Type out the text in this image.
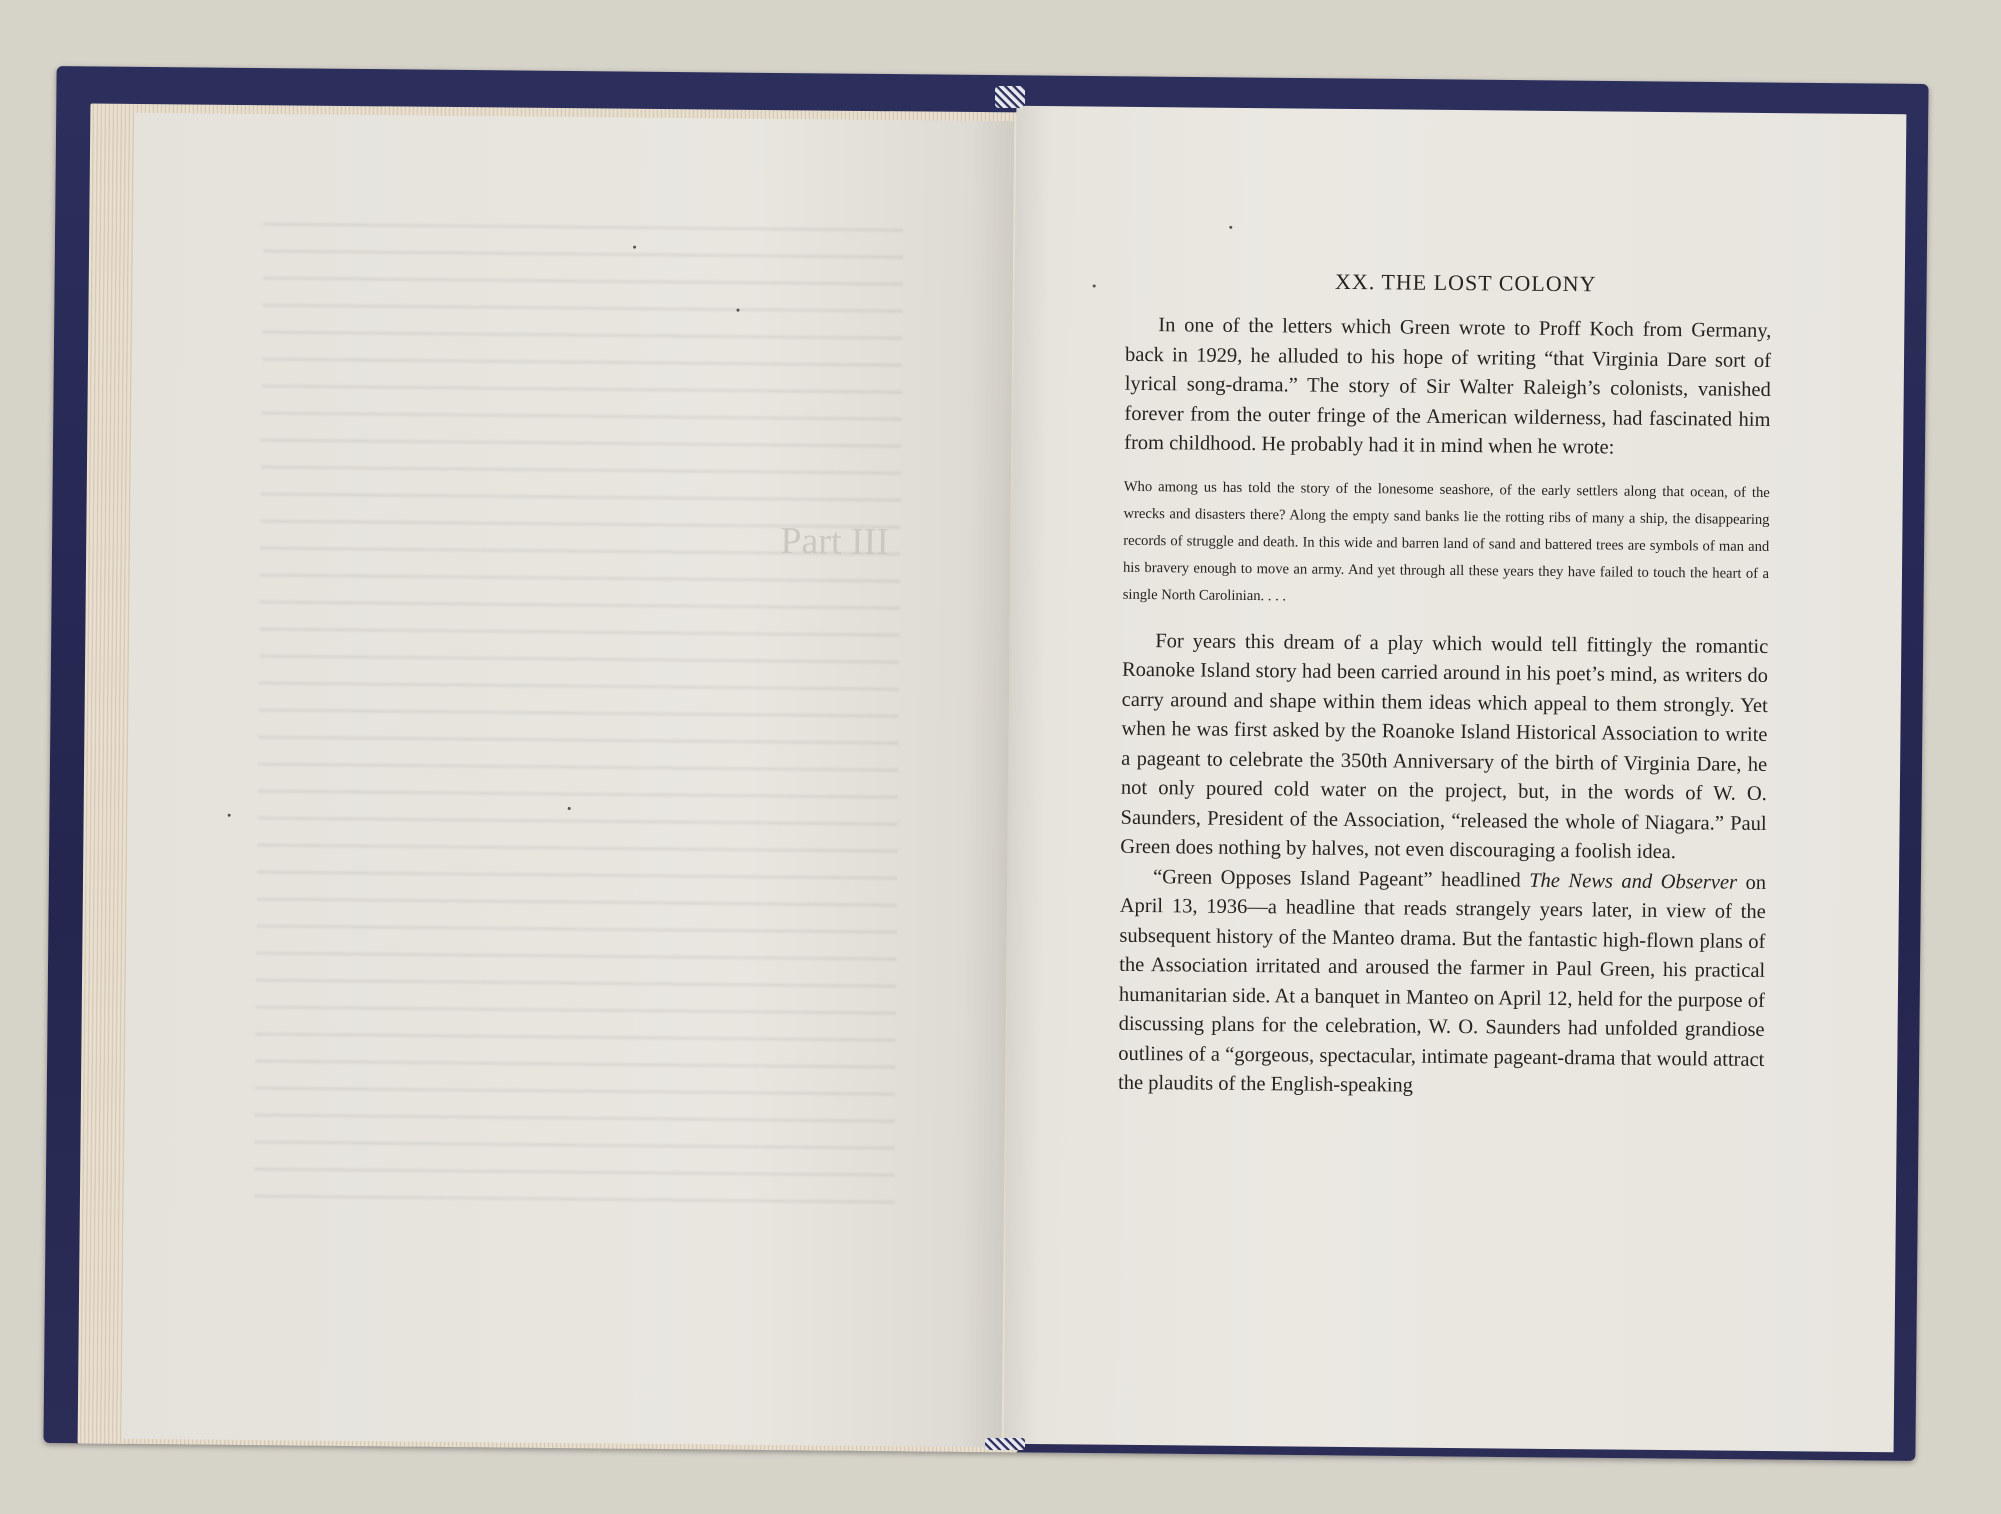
Part III
XX. THE LOST COLONY

In one of the letters which Green wrote to Proff Koch from Germany, back in 1929, he alluded to his hope of writing “that Virginia Dare sort of lyrical song-drama.” The story of Sir Walter Raleigh’s colonists, vanished forever from the outer fringe of the American wilderness, had fascinated him from childhood. He probably had it in mind when he wrote:

Who among us has told the story of the lonesome seashore, of the early settlers along that ocean, of the wrecks and disasters there? Along the empty sand banks lie the rotting ribs of many a ship, the disappearing records of struggle and death. In this wide and barren land of sand and battered trees are symbols of man and his bravery enough to move an army. And yet through all these years they have failed to touch the heart of a single North Carolinian. . . .

For years this dream of a play which would tell fittingly the romantic Roanoke Island story had been carried around in his poet’s mind, as writers do carry around and shape within them ideas which appeal to them strongly. Yet when he was first asked by the Roanoke Island Historical Association to write a pageant to celebrate the 350th Anniversary of the birth of Virginia Dare, he not only poured cold water on the project, but, in the words of W. O. Saunders, President of the Association, “released the whole of Niagara.” Paul Green does nothing by halves, not even discouraging a foolish idea.

“Green Opposes Island Pageant” headlined The News and Observer on April 13, 1936—a headline that reads strangely years later, in view of the subsequent history of the Manteo drama. But the fantastic high-flown plans of the Association irritated and aroused the farmer in Paul Green, his practical humanitarian side. At a banquet in Manteo on April 12, held for the purpose of discussing plans for the celebration, W. O. Saunders had unfolded grandiose outlines of a “gorgeous, spectacular, intimate pageant-drama that would attract the plaudits of the English-speaking
